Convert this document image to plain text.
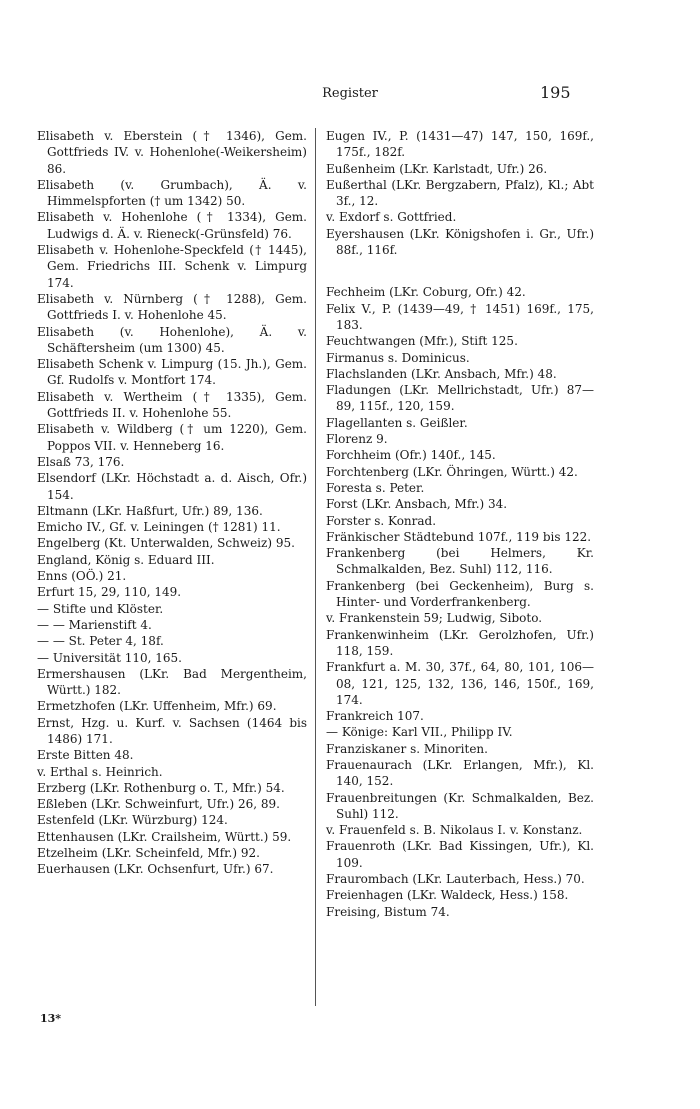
Register	195

Elisabeth v. Eberstein († 1346), Gem. Gottfrieds IV. v. Hohenlohe(-Weikersheim) 86.

Elisabeth (v. Grumbach), Ä. v. Himmelspforten († um 1342) 50.

Elisabeth v. Hohenlohe († 1334), Gem. Ludwigs d. Ä. v. Rieneck(-Grünsfeld) 76.

Elisabeth v. Hohenlohe-Speckfeld († 1445), Gem. Friedrichs III. Schenk v. Limpurg 174.

Elisabeth v. Nürnberg († 1288), Gem. Gottfrieds I. v. Hohenlohe 45.

Elisabeth (v. Hohenlohe), Ä. v. Schäftersheim (um 1300) 45.

Elisabeth Schenk v. Limpurg (15. Jh.), Gem. Gf. Rudolfs v. Montfort 174.

Elisabeth v. Wertheim († 1335), Gem. Gottfrieds II. v. Hohenlohe 55.

Elisabeth v. Wildberg († um 1220), Gem. Poppos VII. v. Henneberg 16.

Elsaß 73, 176.

Elsendorf (LKr. Höchstadt a. d. Aisch, Ofr.) 154.

Eltmann (LKr. Haßfurt, Ufr.) 89, 136.

Emicho IV., Gf. v. Leiningen († 1281) 11.

Engelberg (Kt. Unterwalden, Schweiz) 95.

England, König s. Eduard III.

Enns (OÖ.) 21.

Erfurt 15, 29, 110, 149.

— Stifte und Klöster.

— — Marienstift 4.

— — St. Peter 4, 18f.

— Universität 110, 165.

Ermershausen (LKr. Bad Mergentheim, Württ.) 182.

Ermetzhofen (LKr. Uffenheim, Mfr.) 69.

Ernst, Hzg. u. Kurf. v. Sachsen (1464 bis 1486) 171.

Erste Bitten 48.

v. Erthal s. Heinrich.

Erzberg (LKr. Rothenburg o. T., Mfr.) 54.

Eßleben (LKr. Schweinfurt, Ufr.) 26, 89.

Estenfeld (LKr. Würzburg) 124.

Ettenhausen (LKr. Crailsheim, Württ.) 59.

Etzelheim (LKr. Scheinfeld, Mfr.) 92.

Euerhausen (LKr. Ochsenfurt, Ufr.) 67.

Eugen IV., P. (1431—47) 147, 150, 169f., 175f., 182f.

Eußenheim (LKr. Karlstadt, Ufr.) 26.

Eußerthal (LKr. Bergzabern, Pfalz), Kl.; Abt 3f., 12.

v. Exdorf s. Gottfried.

Eyershausen (LKr. Königshofen i. Gr., Ufr.) 88f., 116f.

Fechheim (LKr. Coburg, Ofr.) 42.

Felix V., P. (1439—49, † 1451) 169f., 175, 183.

Feuchtwangen (Mfr.), Stift 125.

Firmanus s. Dominicus.

Flachslanden (LKr. Ansbach, Mfr.) 48.

Fladungen (LKr. Mellrichstadt, Ufr.) 87—89, 115f., 120, 159.

Flagellanten s. Geißler.

Florenz 9.

Forchheim (Ofr.) 140f., 145.

Forchtenberg (LKr. Öhringen, Württ.) 42.

Foresta s. Peter.

Forst (LKr. Ansbach, Mfr.) 34.

Forster s. Konrad.

Fränkischer Städtebund 107f., 119 bis 122.

Frankenberg (bei Helmers, Kr. Schmalkalden, Bez. Suhl) 112, 116.

Frankenberg (bei Geckenheim), Burg s. Hinter- und Vorderfrankenberg.

v. Frankenstein 59; Ludwig, Siboto.

Frankenwinheim (LKr. Gerolzhofen, Ufr.) 118, 159.

Frankfurt a. M. 30, 37f., 64, 80, 101, 106—08, 121, 125, 132, 136, 146, 150f., 169, 174.

Frankreich 107.

— Könige: Karl VII., Philipp IV.

Franziskaner s. Minoriten.

Frauenaurach (LKr. Erlangen, Mfr.), Kl. 140, 152.

Frauenbreitungen (Kr. Schmalkalden, Bez. Suhl) 112.

v. Frauenfeld s. B. Nikolaus I. v. Konstanz.

Frauenroth (LKr. Bad Kissingen, Ufr.), Kl. 109.

Fraurombach (LKr. Lauterbach, Hess.) 70.

Freienhagen (LKr. Waldeck, Hess.) 158.

Freising, Bistum 74.

13*
